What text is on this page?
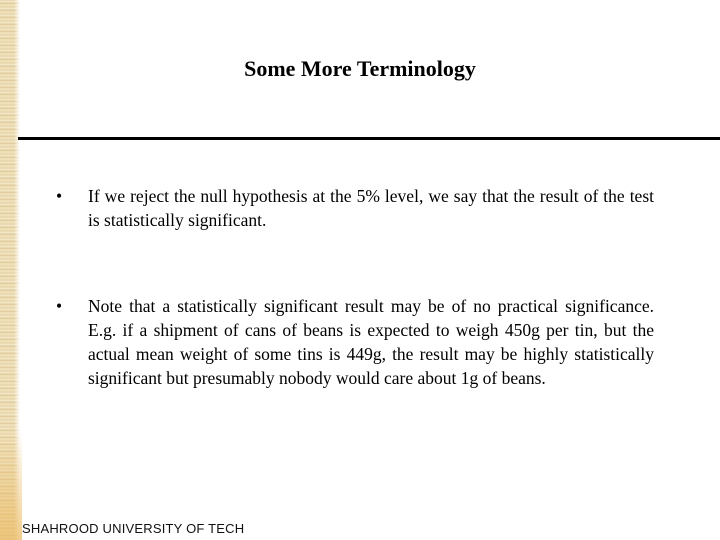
Some More Terminology
• If we reject the null hypothesis at the 5% level, we say that the result of the test is statistically significant.
• Note that a statistically significant result may be of no practical significance. E.g. if a shipment of cans of beans is expected to weigh 450g per tin, but the actual mean weight of some tins is 449g, the result may be highly statistically significant but presumably nobody would care about 1g of beans.
SHAHROOD UNIVERSITY OF TECH
